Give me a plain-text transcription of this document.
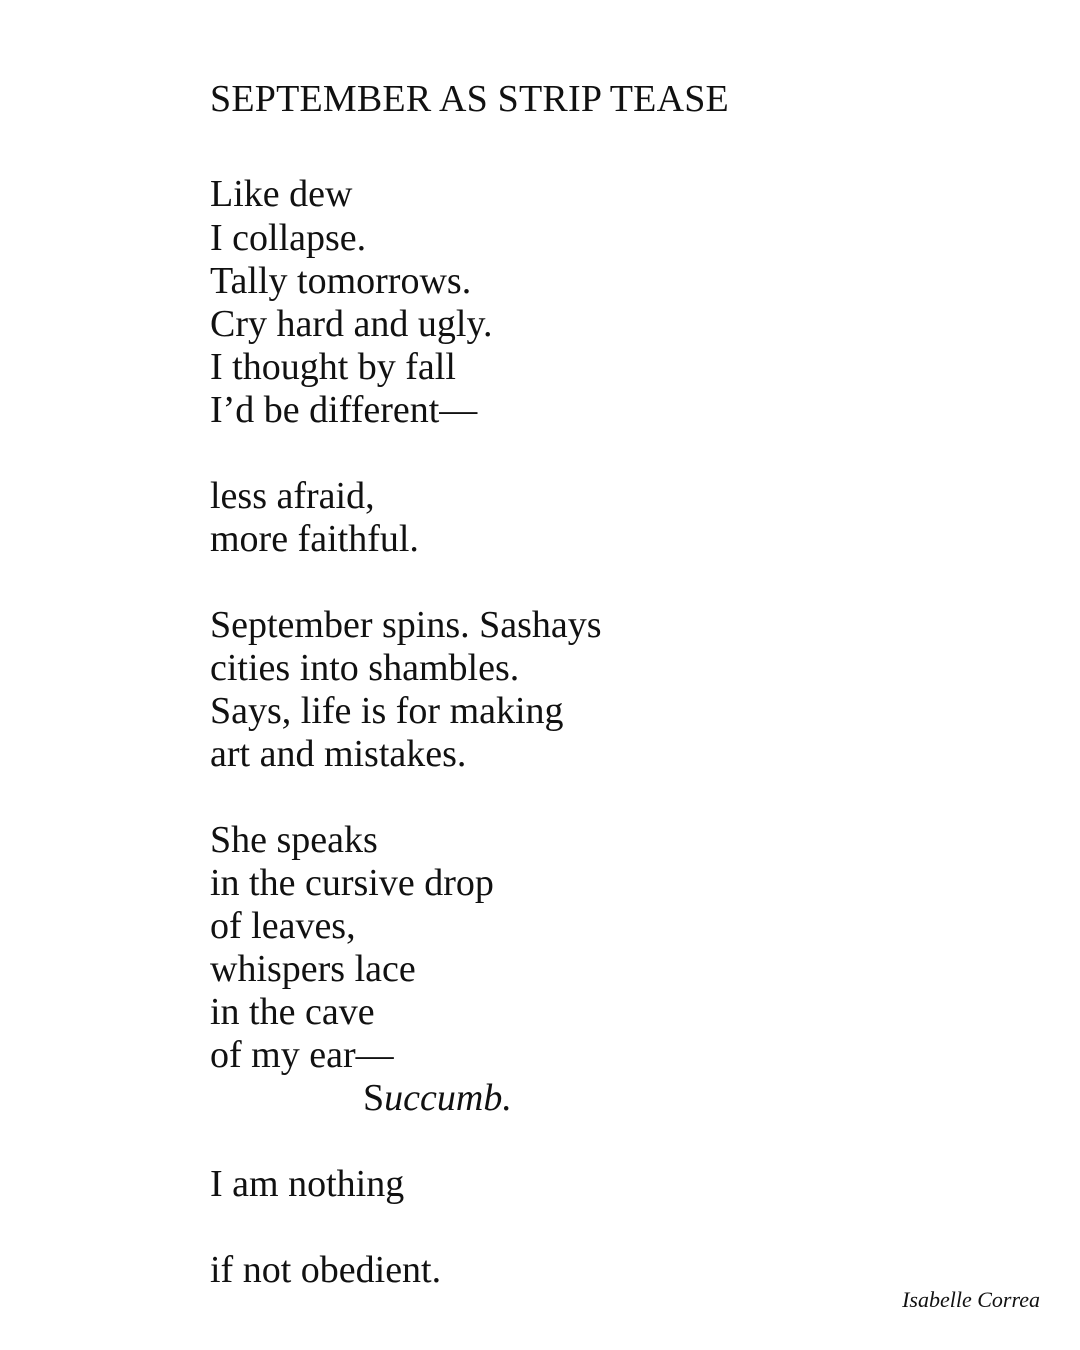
SEPTEMBER AS STRIP TEASE
Like dew
I collapse.
Tally tomorrows.
Cry hard and ugly.
I thought by fall
I’d be different—
less afraid,
more faithful.
September spins. Sashays
cities into shambles.
Says, life is for making
art and mistakes.
She speaks
in the cursive drop
of leaves,
whispers lace
in the cave
of my ear—
Succumb.
I am nothing
if not obedient.
Isabelle Correa
